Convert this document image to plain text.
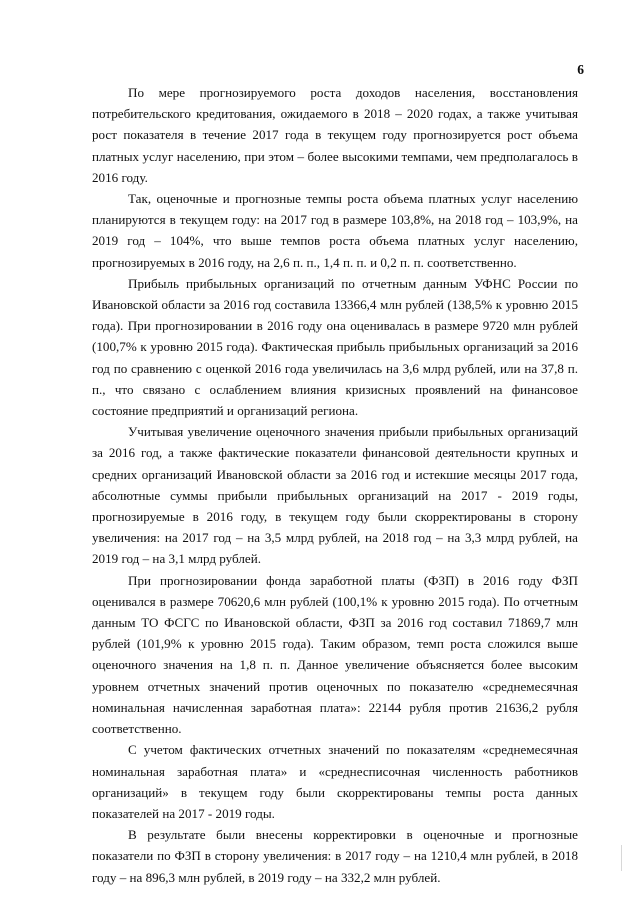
6

По мере прогнозируемого роста доходов населения, восстановления потребительского кредитования, ожидаемого в 2018 – 2020 годах, а также учитывая рост показателя в течение 2017 года в текущем году прогнозируется рост объема платных услуг населению, при этом – более высокими темпами, чем предполагалось в 2016 году.

Так, оценочные и прогнозные темпы роста объема платных услуг населению планируются в текущем году: на 2017 год в размере 103,8%, на 2018 год – 103,9%, на 2019 год – 104%, что выше темпов роста объема платных услуг населению, прогнозируемых в 2016 году, на 2,6 п. п., 1,4 п. п. и 0,2 п. п. соответственно.

Прибыль прибыльных организаций по отчетным данным УФНС России по Ивановской области за 2016 год составила 13366,4 млн рублей (138,5% к уровню 2015 года). При прогнозировании в 2016 году она оценивалась в размере 9720 млн рублей (100,7% к уровню 2015 года). Фактическая прибыль прибыльных организаций за 2016 год по сравнению с оценкой 2016 года увеличилась на 3,6 млрд рублей, или на 37,8 п. п., что связано с ослаблением влияния кризисных проявлений на финансовое состояние предприятий и организаций региона.

Учитывая увеличение оценочного значения прибыли прибыльных организаций за 2016 год, а также фактические показатели финансовой деятельности крупных и средних организаций Ивановской области за 2016 год и истекшие месяцы 2017 года, абсолютные суммы прибыли прибыльных организаций на 2017 - 2019 годы, прогнозируемые в 2016 году, в текущем году были скорректированы в сторону увеличения: на 2017 год – на 3,5 млрд рублей, на 2018 год – на 3,3 млрд рублей, на 2019 год – на 3,1 млрд рублей.

При прогнозировании фонда заработной платы (ФЗП) в 2016 году ФЗП оценивался в размере 70620,6 млн рублей (100,1% к уровню 2015 года). По отчетным данным ТО ФСГС по Ивановской области, ФЗП за 2016 год составил 71869,7 млн рублей (101,9% к уровню 2015 года). Таким образом, темп роста сложился выше оценочного значения на 1,8 п. п. Данное увеличение объясняется более высоким уровнем отчетных значений против оценочных по показателю «среднемесячная номинальная начисленная заработная плата»: 22144 рубля против 21636,2 рубля соответственно.

С учетом фактических отчетных значений по показателям «среднемесячная номинальная заработная плата» и «среднесписочная численность работников организаций» в текущем году были скорректированы темпы роста данных показателей на 2017 - 2019 годы.

В результате были внесены корректировки в оценочные и прогнозные показатели по ФЗП в сторону увеличения: в 2017 году – на 1210,4 млн рублей, в 2018 году – на 896,3 млн рублей, в 2019 году – на 332,2 млн рублей.
